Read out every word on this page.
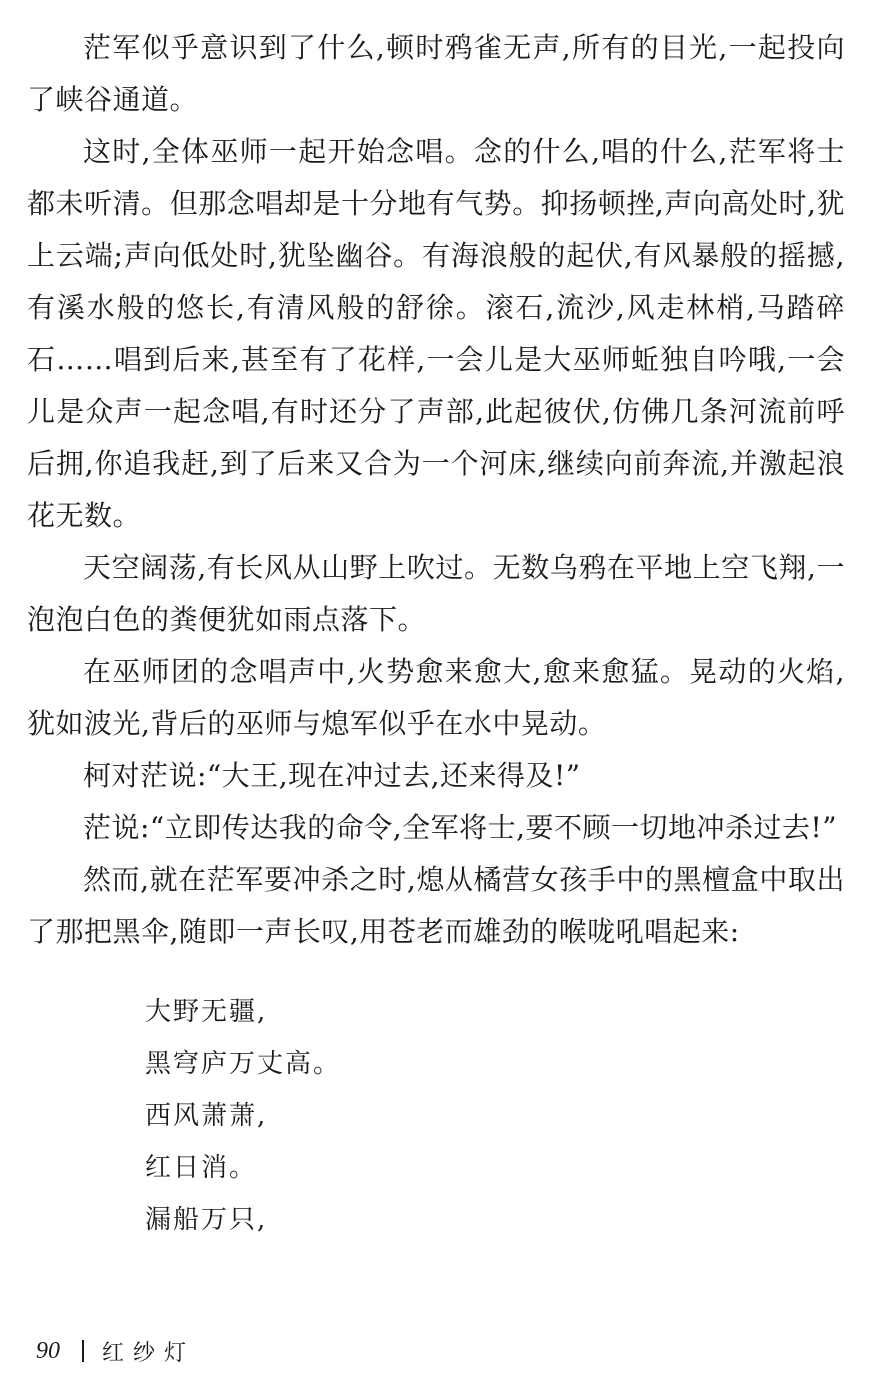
茫军似乎意识到了什么,顿时鸦雀无声,所有的目光,一起投向了峡谷通道。

这时,全体巫师一起开始念唱。念的什么,唱的什么,茫军将士都未听清。但那念唱却是十分地有气势。抑扬顿挫,声向高处时,犹上云端;声向低处时,犹坠幽谷。有海浪般的起伏,有风暴般的摇撼,有溪水般的悠长,有清风般的舒徐。滚石,流沙,风走林梢,马踏碎石……唱到后来,甚至有了花样,一会儿是大巫师蚯独自吟哦,一会儿是众声一起念唱,有时还分了声部,此起彼伏,仿佛几条河流前呼后拥,你追我赶,到了后来又合为一个河床,继续向前奔流,并激起浪花无数。

天空阔荡,有长风从山野上吹过。无数乌鸦在平地上空飞翔,一泡泡白色的粪便犹如雨点落下。

在巫师团的念唱声中,火势愈来愈大,愈来愈猛。晃动的火焰,犹如波光,背后的巫师与熄军似乎在水中晃动。

柯对茫说:“大王,现在冲过去,还来得及!”

茫说:“立即传达我的命令,全军将士,要不顾一切地冲杀过去!”

然而,就在茫军要冲杀之时,熄从橘营女孩手中的黑檀盒中取出了那把黑伞,随即一声长叹,用苍老而雄劲的喉咙吼唱起来:

大野无疆,

黑穹庐万丈高。

西风萧萧,

红日消。

漏船万只,

90 红纱灯
